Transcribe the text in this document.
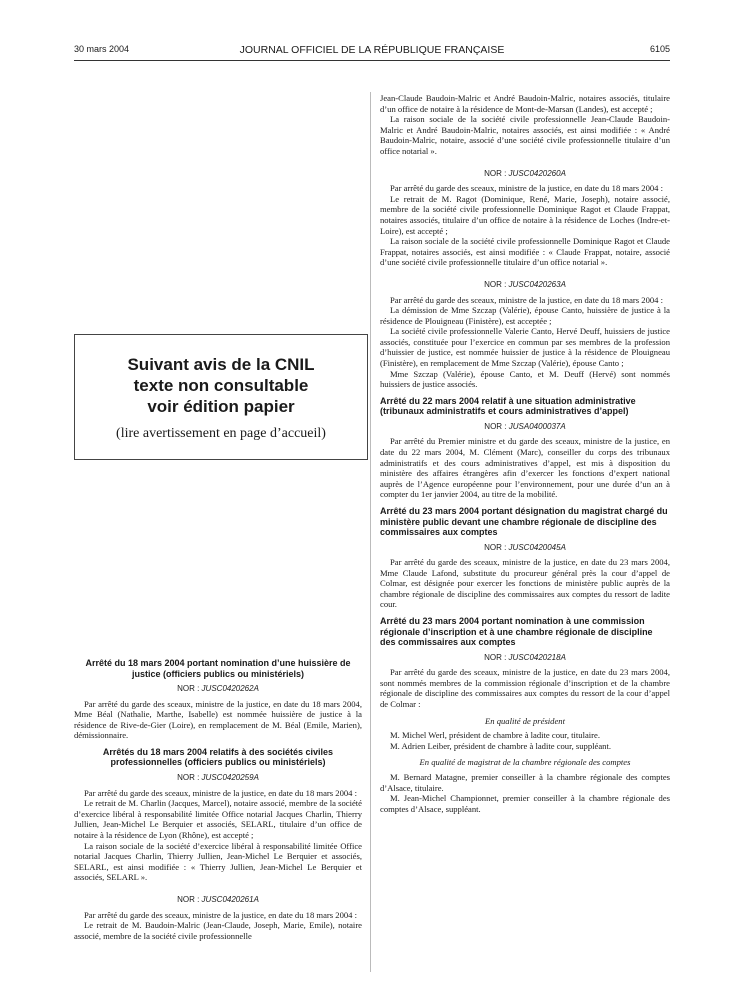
30 mars 2004	JOURNAL OFFICIEL DE LA RÉPUBLIQUE FRANÇAISE	6105
Suivant avis de la CNIL
texte non consultable
voir édition papier
(lire avertissement en page d’accueil)
Arrêté du 18 mars 2004 portant nomination d’une huissière de justice (officiers publics ou ministériels)
NOR : JUSC0420262A

Par arrêté du garde des sceaux, ministre de la justice, en date du 18 mars 2004, Mme Béal (Nathalie, Marthe, Isabelle) est nommée huissière de justice à la résidence de Rive-de-Gier (Loire), en remplacement de M. Béal (Emile, Marien), démissionnaire.

Arrêtés du 18 mars 2004 relatifs à des sociétés civiles professionnelles (officiers publics ou ministériels)
NOR : JUSC0420259A

Par arrêté du garde des sceaux, ministre de la justice, en date du 18 mars 2004 :

Le retrait de M. Charlin (Jacques, Marcel), notaire associé, membre de la société d’exercice libéral à responsabilité limitée Office notarial Jacques Charlin, Thierry Jullien, Jean-Michel Le Berquier et associés, SELARL, titulaire d’un office de notaire à la résidence de Lyon (Rhône), est accepté ;

La raison sociale de la société d’exercice libéral à responsabilité limitée Office notarial Jacques Charlin, Thierry Jullien, Jean-Michel Le Berquier et associés, SELARL, est ainsi modifiée : « Thierry Jullien, Jean-Michel Le Berquier et associés, SELARL ».

NOR : JUSC0420261A

Par arrêté du garde des sceaux, ministre de la justice, en date du 18 mars 2004 :

Le retrait de M. Baudoin-Malric (Jean-Claude, Joseph, Marie, Emile), notaire associé, membre de la société civile professionnelle

Jean-Claude Baudoin-Malric et André Baudoin-Malric, notaires associés, titulaire d’un office de notaire à la résidence de Mont-de-Marsan (Landes), est accepté ;

La raison sociale de la société civile professionnelle Jean-Claude Baudoin-Malric et André Baudoin-Malric, notaires associés, est ainsi modifiée : « André Baudoin-Malric, notaire, associé d’une société civile professionnelle titulaire d’un office notarial ».

NOR : JUSC0420260A

Par arrêté du garde des sceaux, ministre de la justice, en date du 18 mars 2004 :

Le retrait de M. Ragot (Dominique, René, Marie, Joseph), notaire associé, membre de la société civile professionnelle Dominique Ragot et Claude Frappat, notaires associés, titulaire d’un office de notaire à la résidence de Loches (Indre-et-Loire), est accepté ;

La raison sociale de la société civile professionnelle Dominique Ragot et Claude Frappat, notaires associés, est ainsi modifiée : « Claude Frappat, notaire, associé d’une société civile professionnelle titulaire d’un office notarial ».

NOR : JUSC0420263A

Par arrêté du garde des sceaux, ministre de la justice, en date du 18 mars 2004 :

La démission de Mme Szczap (Valérie), épouse Canto, huissière de justice à la résidence de Plouigneau (Finistère), est acceptée ;

La société civile professionnelle Valerie Canto, Hervé Deuff, huissiers de justice associés, constituée pour l’exercice en commun par ses membres de la profession d’huissier de justice, est nommée huissier de justice à la résidence de Plouigneau (Finistère), en remplacement de Mme Szczap (Valérie), épouse Canto ;

Mme Szczap (Valérie), épouse Canto, et M. Deuff (Hervé) sont nommés huissiers de justice associés.

Arrêté du 22 mars 2004 relatif à une situation administrative (tribunaux administratifs et cours administratives d’appel)
NOR : JUSA0400037A

Par arrêté du Premier ministre et du garde des sceaux, ministre de la justice, en date du 22 mars 2004, M. Clément (Marc), conseiller du corps des tribunaux administratifs et des cours administratives d’appel, est mis à disposition du ministère des affaires étrangères afin d’exercer les fonctions d’expert national auprès de l’Agence européenne pour l’environnement, pour une durée d’un an à compter du 1er janvier 2004, au titre de la mobilité.

Arrêté du 23 mars 2004 portant désignation du magistrat chargé du ministère public devant une chambre régionale de discipline des commissaires aux comptes
NOR : JUSC0420045A

Par arrêté du garde des sceaux, ministre de la justice, en date du 23 mars 2004, Mme Claude Lafond, substitute du procureur général près la cour d’appel de Colmar, est désignée pour exercer les fonctions de ministère public auprès de la chambre régionale de discipline des commissaires aux comptes du ressort de ladite cour.

Arrêté du 23 mars 2004 portant nomination à une commission régionale d’inscription et à une chambre régionale de discipline des commissaires aux comptes
NOR : JUSC0420218A

Par arrêté du garde des sceaux, ministre de la justice, en date du 23 mars 2004, sont nommés membres de la commission régionale d’inscription et de la chambre régionale de discipline des commissaires aux comptes du ressort de la cour d’appel de Colmar :

En qualité de président

M. Michel Werl, président de chambre à ladite cour, titulaire.

M. Adrien Leiber, président de chambre à ladite cour, suppléant.

En qualité de magistrat de la chambre régionale des comptes

M. Bernard Matagne, premier conseiller à la chambre régionale des comptes d’Alsace, titulaire.

M. Jean-Michel Championnet, premier conseiller à la chambre régionale des comptes d’Alsace, suppléant.
